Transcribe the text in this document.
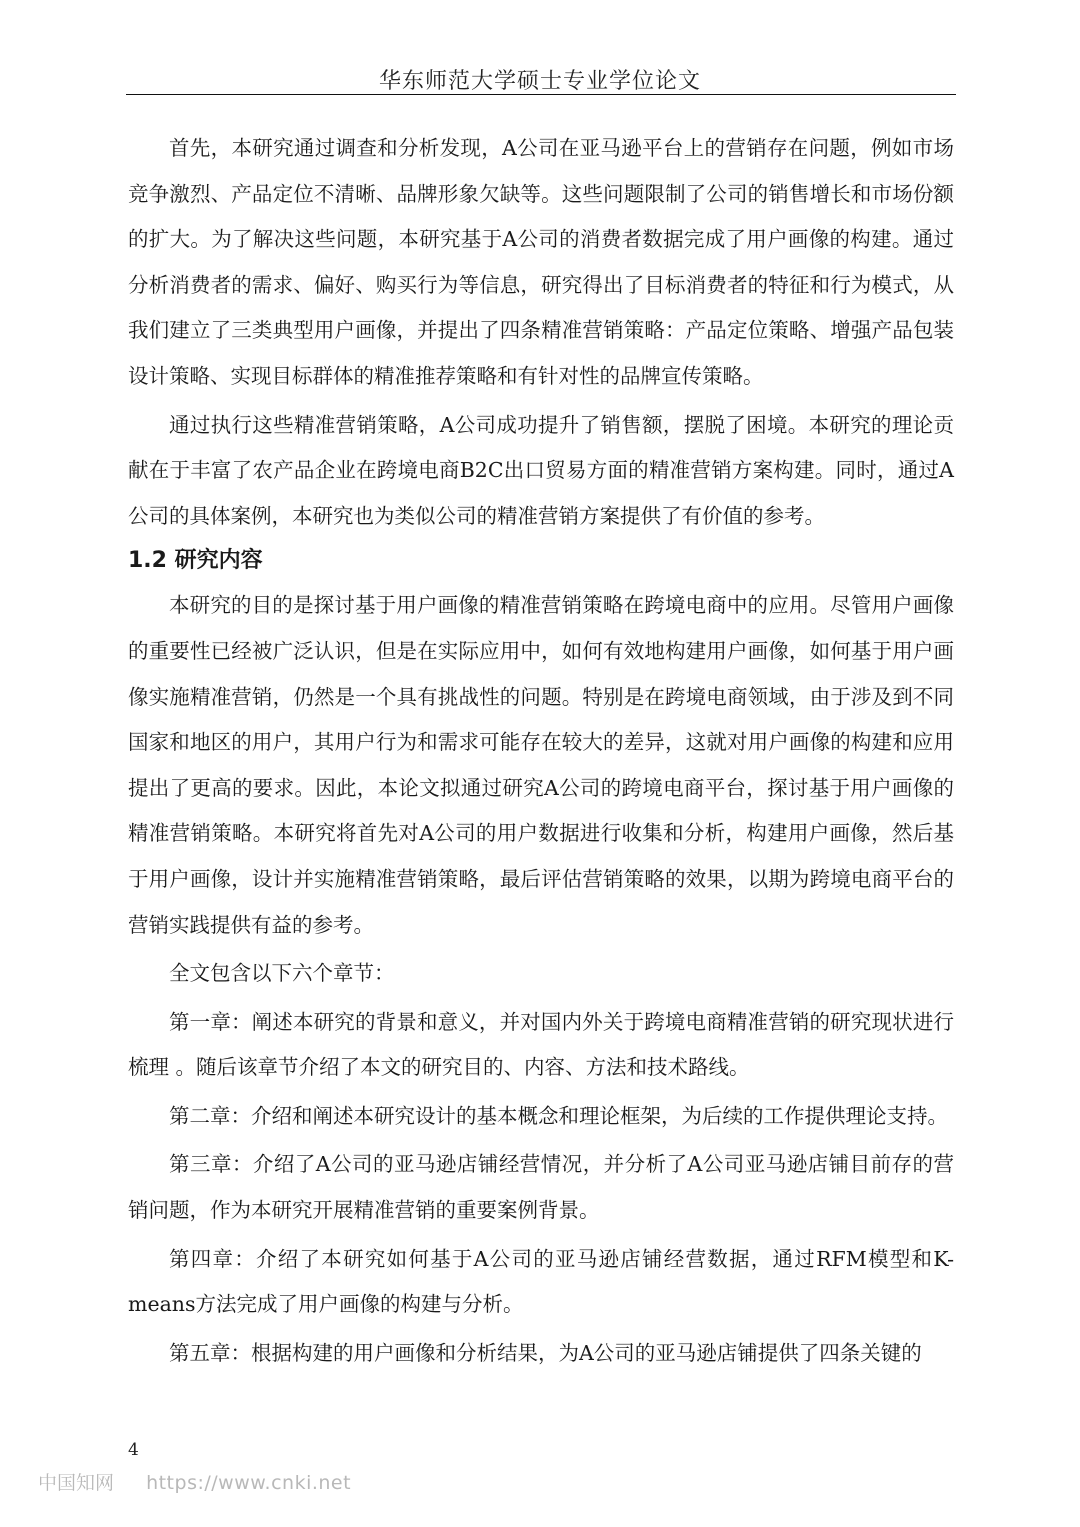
华东师范大学硕士专业学位论文

首先，本研究通过调查和分析发现，A公司在亚马逊平台上的营销存在问题，例如市场竞争激烈、产品定位不清晰、品牌形象欠缺等。这些问题限制了公司的销售增长和市场份额的扩大。为了解决这些问题，本研究基于A公司的消费者数据完成了用户画像的构建。通过分析消费者的需求、偏好、购买行为等信息，研究得出了目标消费者的特征和行为模式，从我们建立了三类典型用户画像，并提出了四条精准营销策略：产品定位策略、增强产品包装设计策略、实现目标群体的精准推荐策略和有针对性的品牌宣传策略。

通过执行这些精准营销策略，A公司成功提升了销售额，摆脱了困境。本研究的理论贡献在于丰富了农产品企业在跨境电商B2C出口贸易方面的精准营销方案构建。同时，通过A公司的具体案例，本研究也为类似公司的精准营销方案提供了有价值的参考。

1.2 研究内容

本研究的目的是探讨基于用户画像的精准营销策略在跨境电商中的应用。尽管用户画像的重要性已经被广泛认识，但是在实际应用中，如何有效地构建用户画像，如何基于用户画像实施精准营销，仍然是一个具有挑战性的问题。特别是在跨境电商领域，由于涉及到不同国家和地区的用户，其用户行为和需求可能存在较大的差异，这就对用户画像的构建和应用提出了更高的要求。因此，本论文拟通过研究A公司的跨境电商平台，探讨基于用户画像的精准营销策略。本研究将首先对A公司的用户数据进行收集和分析，构建用户画像，然后基于用户画像，设计并实施精准营销策略，最后评估营销策略的效果，以期为跨境电商平台的营销实践提供有益的参考。

全文包含以下六个章节：

第一章：阐述本研究的背景和意义，并对国内外关于跨境电商精准营销的研究现状进行梳理 。随后该章节介绍了本文的研究目的、内容、方法和技术路线。

第二章：介绍和阐述本研究设计的基本概念和理论框架，为后续的工作提供理论支持。

第三章：介绍了A公司的亚马逊店铺经营情况，并分析了A公司亚马逊店铺目前存的营销问题，作为本研究开展精准营销的重要案例背景。

第四章：介绍了本研究如何基于A公司的亚马逊店铺经营数据，通过RFM模型和K-means方法完成了用户画像的构建与分析。

第五章：根据构建的用户画像和分析结果，为A公司的亚马逊店铺提供了四条关键的

4
中国知网 https://www.cnki.net
